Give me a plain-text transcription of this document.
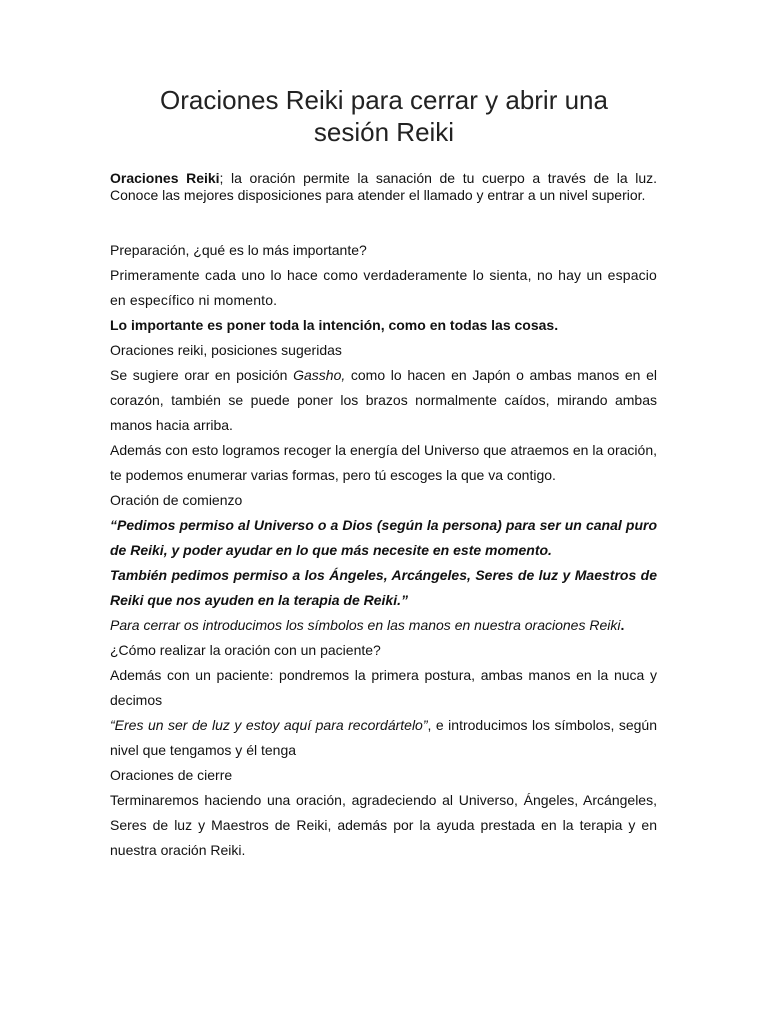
Oraciones Reiki para cerrar y abrir una
sesión Reiki

Oraciones Reiki; la oración permite la sanación de tu cuerpo a través de la luz. Conoce las mejores disposiciones para atender el llamado y entrar a un nivel superior.

Preparación, ¿qué es lo más importante?

Primeramente cada uno lo hace como verdaderamente lo sienta, no hay un espacio en específico ni momento.

Lo importante es poner toda la intención, como en todas las cosas.

Oraciones reiki, posiciones sugeridas

Se sugiere orar en posición Gassho, como lo hacen en Japón o ambas manos en el corazón, también se puede poner los brazos normalmente caídos, mirando ambas manos hacia arriba.

Además con esto logramos recoger la energía del Universo que atraemos en la oración, te podemos enumerar varias formas, pero tú escoges la que va contigo.

Oración de comienzo

“Pedimos permiso al Universo o a Dios (según la persona) para ser un canal puro de Reiki, y poder ayudar en lo que más necesite en este momento.

También pedimos permiso a los Ángeles, Arcángeles, Seres de luz y Maestros de Reiki que nos ayuden en la terapia de Reiki.”

Para cerrar os introducimos los símbolos en las manos en nuestra oraciones Reiki.

¿Cómo realizar la oración con un paciente?

Además con un paciente: pondremos la primera postura, ambas manos en la nuca y decimos

“Eres un ser de luz y estoy aquí para recordártelo”, e introducimos los símbolos, según nivel que tengamos y él tenga

Oraciones de cierre

Terminaremos haciendo una oración, agradeciendo al Universo, Ángeles, Arcángeles, Seres de luz y Maestros de Reiki, además por la ayuda prestada en la terapia y en nuestra oración Reiki.
